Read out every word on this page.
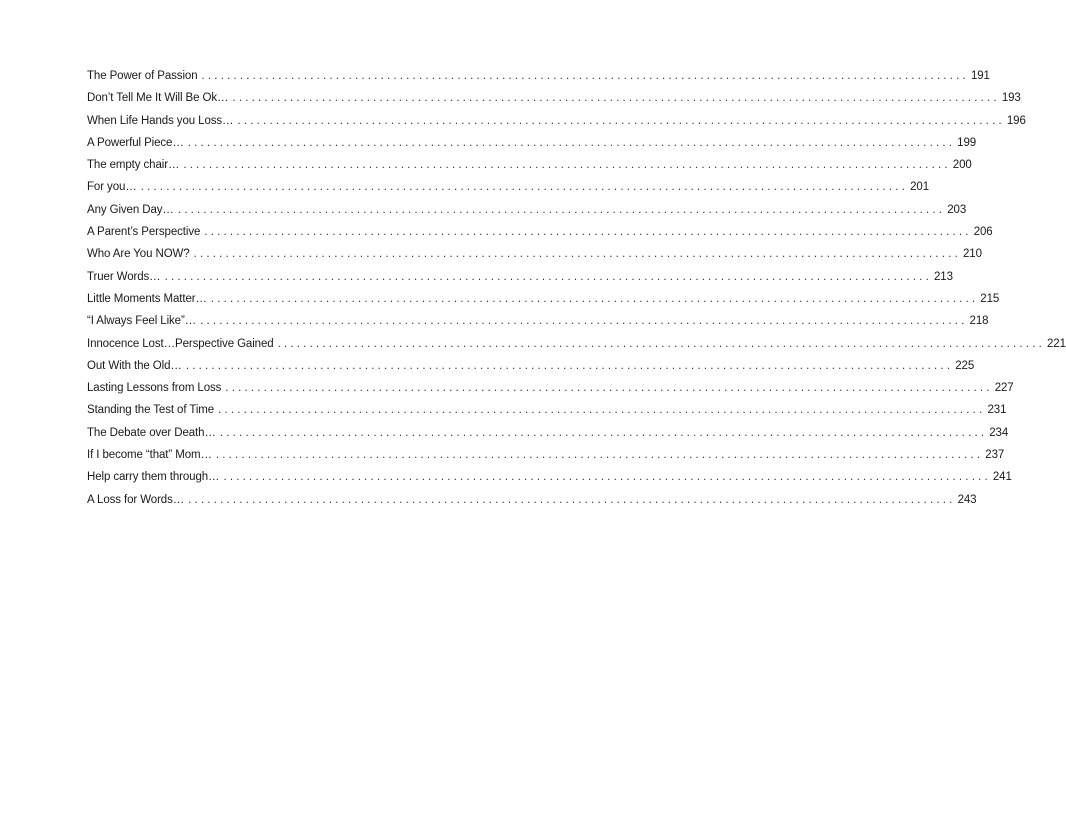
The Power of Passion ........................................................................................................................ 191
Don’t Tell Me It Will Be Ok… ........................................................................................................................ 193
When Life Hands you Loss… ........................................................................................................................ 196
A Powerful Piece… ........................................................................................................................ 199
The empty chair… ........................................................................................................................ 200
For you… ........................................................................................................................ 201
Any Given Day… ........................................................................................................................ 203
A Parent’s Perspective ........................................................................................................................ 206
Who Are You NOW? ........................................................................................................................ 210
Truer Words… ........................................................................................................................ 213
Little Moments Matter… ........................................................................................................................ 215
“I Always Feel Like”… ........................................................................................................................ 218
Innocence Lost…Perspective Gained ........................................................................................................................ 221
Out With the Old… ........................................................................................................................ 225
Lasting Lessons from Loss ........................................................................................................................ 227
Standing the Test of Time ........................................................................................................................ 231
The Debate over Death… ........................................................................................................................ 234
If I become “that” Mom… ........................................................................................................................ 237
Help carry them through… ........................................................................................................................ 241
A Loss for Words… ........................................................................................................................ 243
